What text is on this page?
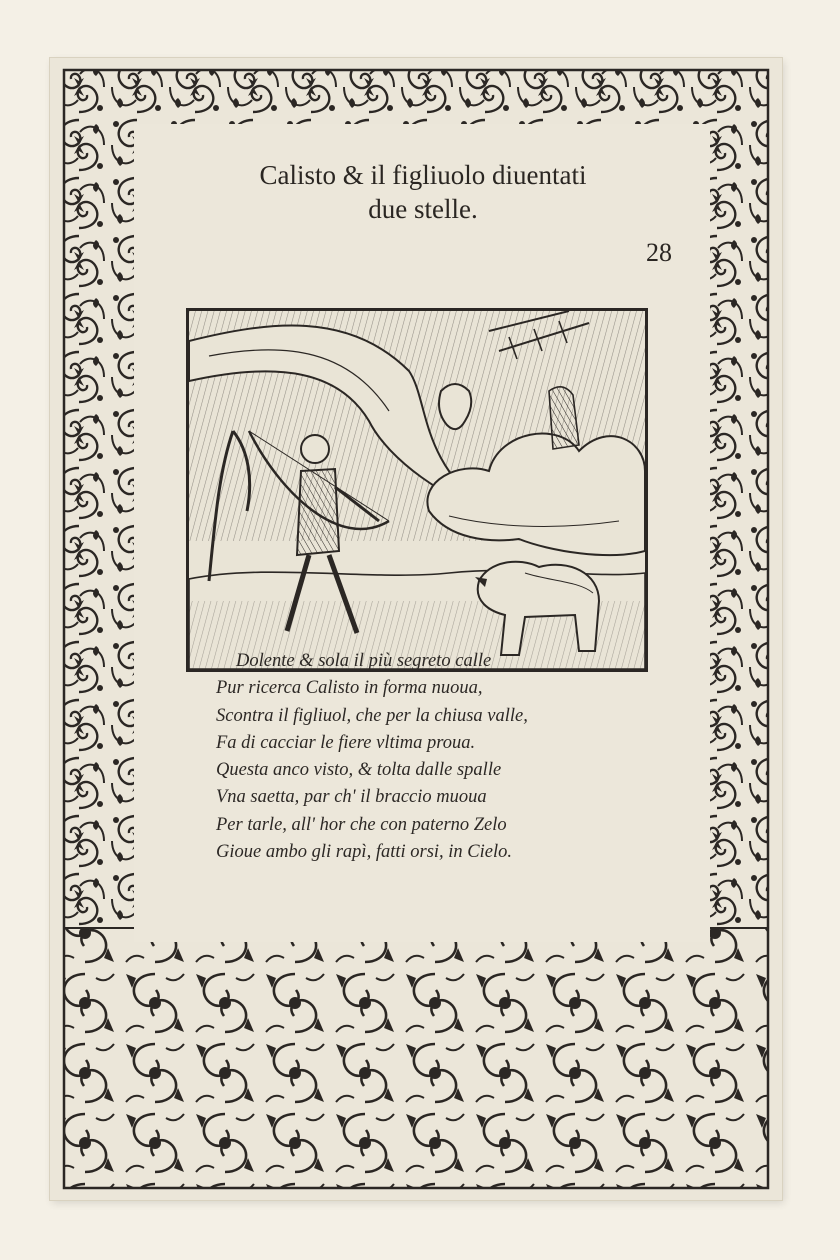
Calisto & il figliuolo diuentati
due stelle.
28
Dolente & sola il più segreto calle
Pur ricerca Calisto in forma nuoua,
Scontra il figliuol, che per la chiusa valle,
Fa di cacciar le fiere vltima proua.
Questa anco visto, & tolta dalle spalle
Vna saetta, par ch' il braccio muoua
Per tarle, all' hor che con paterno Zelo
Gioue ambo gli rapì, fatti orsi, in Cielo.
